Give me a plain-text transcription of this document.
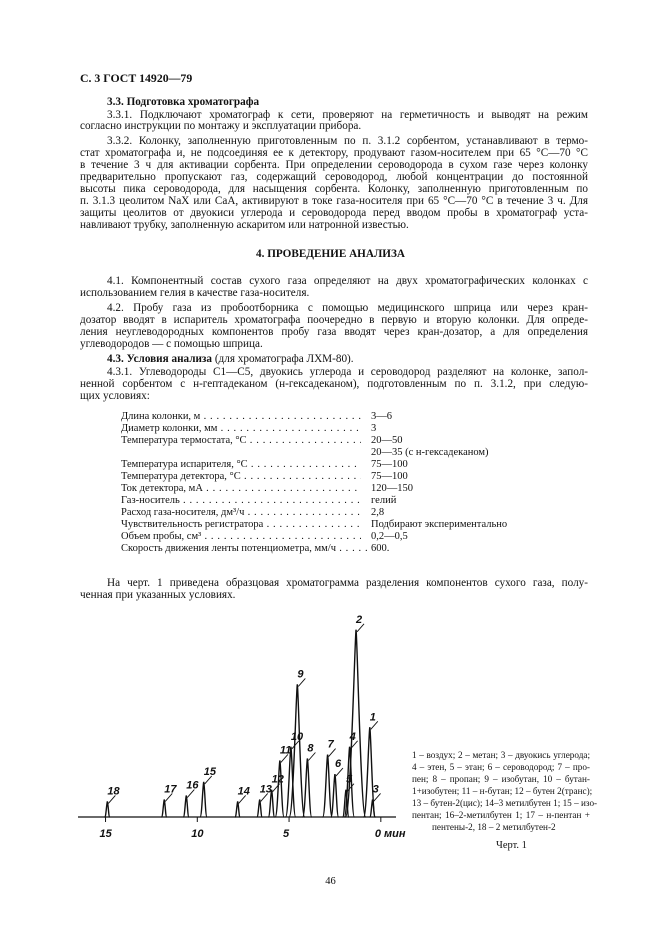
С. 3 ГОСТ 14920—79
3.3. Подготовка хроматографа
3.3.1. Подключают хроматограф к сети, проверяют на герметичность и выводят на режим
согласно инструкции по монтажу и эксплуатации прибора.
3.3.2. Колонку, заполненную приготовленным по п. 3.1.2 сорбентом, устанавливают в термо-
стат хроматографа и, не подсоединяя ее к детектору, продувают газом-носителем при 65 °С—70 °С
в течение 3 ч для активации сорбента. При определении сероводорода в сухом газе через колонку
предварительно пропускают газ, содержащий сероводород, любой концентрации до постоянной
высоты пика сероводорода, для насыщения сорбента. Колонку, заполненную приготовленным по
п. 3.1.3 цеолитом NaX или CaA, активируют в токе газа-носителя при 65 °С—70 °С в течение 3 ч. Для
защиты цеолитов от двуокиси углерода и сероводорода перед вводом пробы в хроматограф уста-
навливают трубку, заполненную аскаритом или натронной известью.
4. ПРОВЕДЕНИЕ АНАЛИЗА
4.1. Компонентный состав сухого газа определяют на двух хроматографических колонках с
использованием гелия в качестве газа-носителя.
4.2. Пробу газа из пробоотборника с помощью медицинского шприца или через кран-
дозатор вводят в испаритель хроматографа поочередно в первую и вторую колонки. Для опреде-
ления неуглеводородных компонентов пробу газа вводят через кран-дозатор, а для определения
углеводородов — с помощью шприца.
4.3. Условия анализа (для хроматографа ЛХМ-80).
4.3.1. Углеводороды С1—С5, двуокись углерода и сероводород разделяют на колонке, запол-
ненной сорбентом с н-гептадеканом (н-гексадеканом), подготовленным по п. 3.1.2, при следую-
щих условиях:
Длина колонки, м . . .	3—6
Диаметр колонки, мм . . .	3
Температура термостата, °С . . .	20—50
20—35 (с н-гексадеканом)
Температура испарителя, °С . . .	75—100
Температура детектора, °С . . .	75—100
Ток детектора, мА . . .	120—150
Газ-носитель . . .	гелий
Расход газа-носителя, дм³/ч . . .	2,8
Чувствительность регистратора . . .	Подбирают экспериментально
Объем пробы, см³ . . .	0,2—0,5
Скорость движения ленты потенциометра, мм/ч . . .	600.
На черт. 1 приведена образцовая хроматограмма разделения компонентов сухого газа, полу-
ченная при указанных условиях.
18	17 16
15
14 13
12
11
10
9
8 7
6
5
4
2
1
3
15	10	5	0 мин
1 – воздух; 2 – метан; 3 – двуокись углерода;
4 – этен, 5 – этан; 6 – сероводород; 7 – про-
пен; 8 – пропан; 9 – изобутан, 10 – бутан-
1+изобутен; 11 – н-бутан; 12 – бутен 2(транс);
13 – бутен-2(цис); 14–3 метилбутен 1; 15 – изо-
пентан; 16–2-метилбутен 1; 17 – н-пентан +
пентены-2, 18 – 2 метилбутен-2
Черт. 1
46
